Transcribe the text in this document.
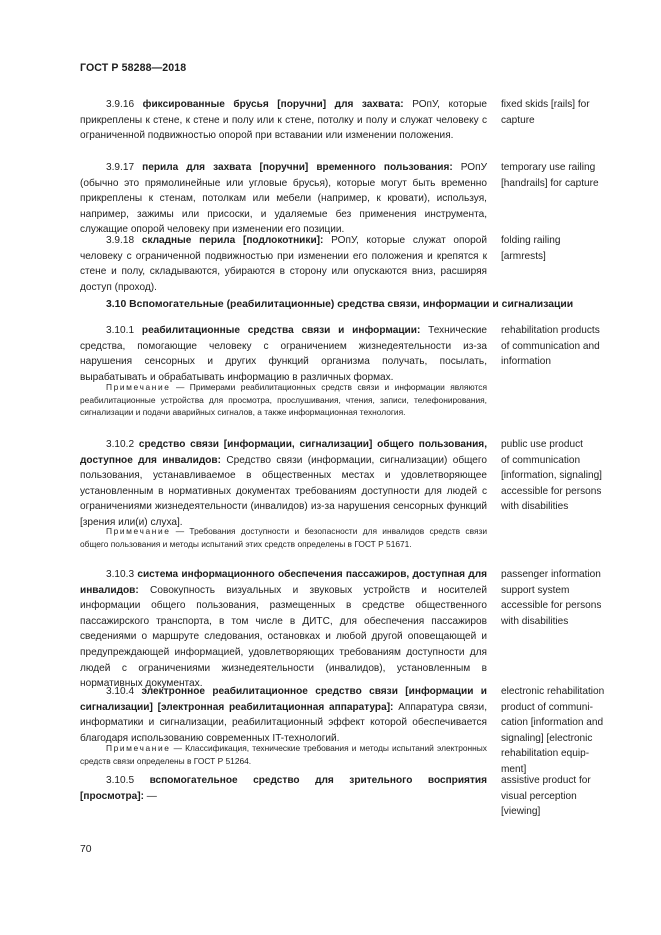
ГОСТ Р 58288—2018

3.9.16 фиксированные брусья [поручни] для захвата: РОпУ, которые прикреплены к стене, к стене и полу или к стене, потолку и полу и служат человеку с ограниченной подвижностью опорой при вставании или изменении положения.

fixed skids [rails] for
capture

3.9.17 перила для захвата [поручни] временного пользования: РОпУ (обычно это прямолинейные или угловые брусья), которые могут быть временно прикреплены к стенам, потолкам или мебели (например, к кровати), используя, например, зажимы или присоски, и удаляемые без применения инструмента, служащие опорой человеку при изменении его позиции.

temporary use railing
[handrails] for capture

3.9.18 складные перила [подлокотники]: РОпУ, которые служат опорой человеку с ограниченной подвижностью при изменении его положения и крепятся к стене и полу, складываются, убираются в сторону или опускаются вниз, расширяя доступ (проход).

folding railing
[armrests]
3.10 Вспомогательные (реабилитационные) средства связи, информации и сигнализации

3.10.1 реабилитационные средства связи и информации: Технические средства, помогающие человеку с ограничением жизнедеятельности из-за нарушения сенсорных и других функций организма получать, посылать, вырабатывать и обрабатывать информацию в различных формах.

rehabilitation products
of communication and
information

Примечание — Примерами реабилитационных средств связи и информации являются реабилитационные устройства для просмотра, прослушивания, чтения, записи, телефонирования, сигнализации и подачи аварийных сигналов, а также информационная технология.

3.10.2 средство связи [информации, сигнализации] общего пользования, доступное для инвалидов: Средство связи (информации, сигнализации) общего пользования, устанавливаемое в общественных местах и удовлетворяющее установленным в нормативных документах требованиям доступности для людей с ограничениями жизнедеятельности (инвалидов) из-за нарушения сенсорных функций [зрения или(и) слуха].

public use product
of communication
[information, signaling]
accessible for persons
with disabilities

Примечание — Требования доступности и безопасности для инвалидов средств связи общего пользования и методы испытаний этих средств определены в ГОСТ Р 51671.

3.10.3 система информационного обеспечения пассажиров, доступная для инвалидов: Совокупность визуальных и звуковых устройств и носителей информации общего пользования, размещенных в средстве общественного пассажирского транспорта, в том числе в ДИТС, для обеспечения пассажиров сведениями о маршруте следования, остановках и любой другой оповещающей и предупреждающей информацией, удовлетворяющих требованиям доступности для людей с ограничениями жизнедеятельности (инвалидов), установленным в нормативных документах.

passenger information
support system
accessible for persons
with disabilities

3.10.4 электронное реабилитационное средство связи [информации и сигнализации] [электронная реабилитационная аппаратура]: Аппаратура связи, информатики и сигнализации, реабилитационный эффект которой обеспечивается благодаря использованию современных IT-технологий.

electronic rehabilitation
product of communi-
cation [information and
signaling] [electronic
rehabilitation equip-
ment]

Примечание — Классификация, технические требования и методы испытаний электронных средств связи определены в ГОСТ Р 51264.

3.10.5 вспомогательное средство для зрительного восприятия [просмотра]: —

assistive product for
visual perception
[viewing]
70
